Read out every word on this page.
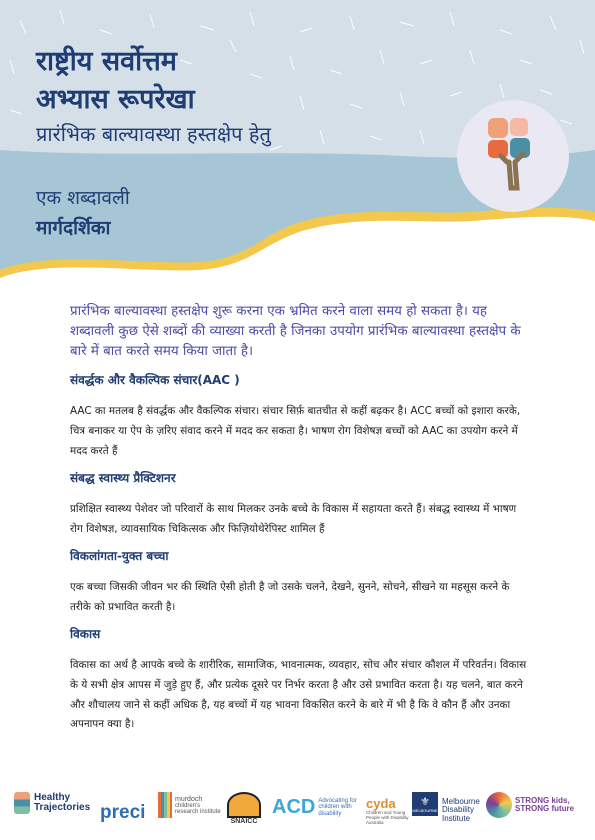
राष्ट्रीय सर्वोत्तम
अभ्यास रूपरेखा
प्रारंभिक बाल्यावस्था हस्तक्षेप हेतु
एक शब्दावली
मार्गदर्शिका

प्रारंभिक बाल्यावस्था हस्तक्षेप शुरू करना एक भ्रमित करने वाला समय हो सकता है। यह शब्दावली कुछ ऐसे शब्दों की व्याख्या करती है जिनका उपयोग प्रारंभिक बाल्यावस्था हस्तक्षेप के बारे में बात करते समय किया जाता है।

संवर्द्धक और वैकल्पिक संचार(AAC )

AAC का मतलब है संवर्द्धक और वैकल्पिक संचार। संचार सिर्फ़ बातचीत से कहीं बढ़कर है। ACC बच्चों को इशारा करके, चित्र बनाकर या ऐप के ज़रिए संवाद करने में मदद कर सकता है। भाषण रोग विशेषज्ञ बच्चों को AAC का उपयोग करने में मदद करते हैं

संबद्ध स्वास्थ्य प्रैक्टिशनर

प्रशिक्षित स्वास्थ्य पेशेवर जो परिवारों के साथ मिलकर उनके बच्चे के विकास में सहायता करते हैं। संबद्ध स्वास्थ्य में भाषण रोग विशेषज्ञ, व्यावसायिक चिकित्सक और फिज़ियोथेरेपिस्ट शामिल हैं

विकलांगता-युक्त बच्चा

एक बच्चा जिसकी जीवन भर की स्थिति ऐसी होती है जो उसके चलने, देखने, सुनने, सोचने, सीखने या महसूस करने के तरीके को प्रभावित करती है।

विकास

विकास का अर्थ है आपके बच्चे के शारीरिक, सामाजिक, भावनात्मक, व्यवहार, सोच और संचार कौशल में परिवर्तन। विकास के ये सभी क्षेत्र आपस में जुड़े हुए हैं, और प्रत्येक दूसरे पर निर्भर करता है और उसे प्रभावित करता है। यह चलने, बात करने और शौचालय जाने से कहीं अधिक है, यह बच्चों में यह भावना विकसित करने के बारे में भी है कि वे कौन हैं और उनका अपनापन क्या है।

Healthy
Trajectories preci
murdoch
children's research institute
SNAICC
ACD Advocating for children with disability
cyda
Children and Young People with Disability Australia
⚜
MELBOURNE
Melbourne
Disability Institute
STRONG kids,
STRONG future
